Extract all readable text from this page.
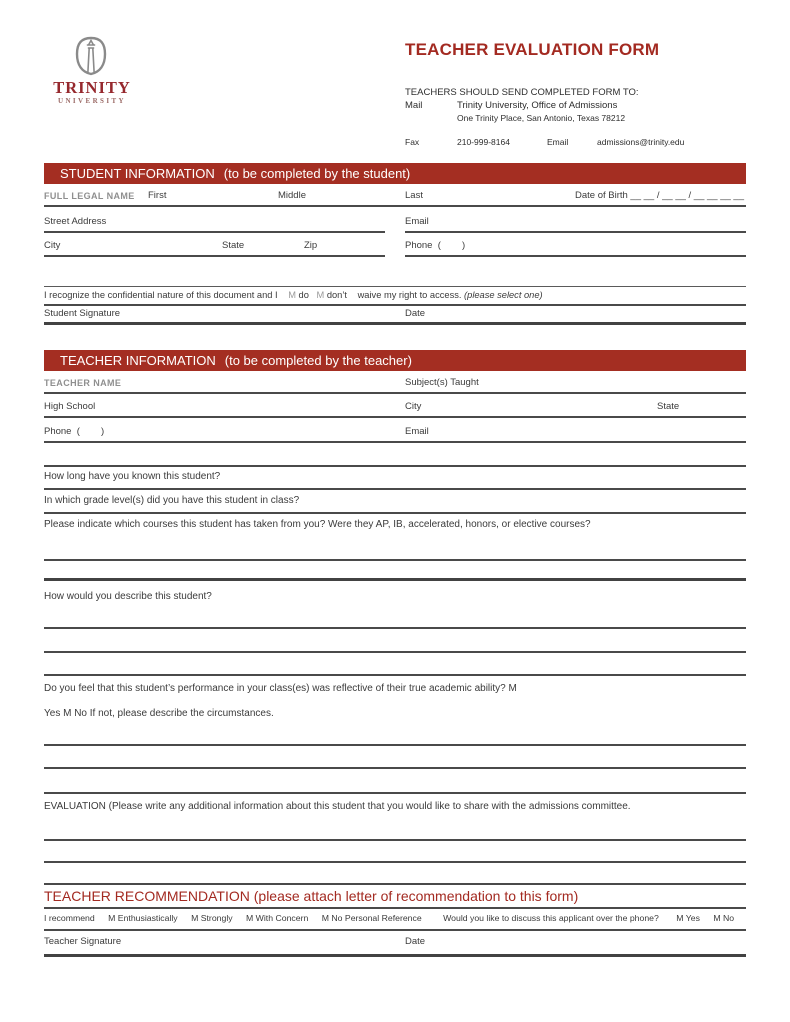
TRINITY
UNIVERSITY
TEACHER EVALUATION FORM
TEACHERS SHOULD SEND COMPLETED FORM TO:
Mail	Trinity University, Office of Admissions
One Trinity Place, San Antonio, Texas 78212
Fax	210-999-8164	Email	admissions@trinity.edu
STUDENT INFORMATION (to be completed by the student)
FULL LEGAL NAME First	Middle	Last	Date of Birth __ __ / __ __ / __ __ __ __
Street Address	Email
City	State	Zip	Phone  (        )
I recognize the confidential nature of this document and I M do M don’t waive my right to access. (please select one)
Student Signature	Date
TEACHER INFORMATION (to be completed by the teacher)
TEACHER NAME	Subject(s) Taught
High School	City	State
Phone  (        )	Email
How long have you known this student?
In which grade level(s) did you have this student in class?
Please indicate which courses this student has taken from you? Were they AP, IB, accelerated, honors, or elective courses?
How would you describe this student?
Do you feel that this student’s performance in your class(es) was reflective of their true academic ability? M
Yes M No If not, please describe the circumstances.
EVALUATION (Please write any additional information about this student that you would like to share with the admissions committee.
TEACHER RECOMMENDATION (please attach letter of recommendation to this form)
I recommend M Enthusiastically M Strongly M With Concern M No Personal Reference Would you like to discuss this applicant over the phone? M Yes M No
Teacher Signature	Date
